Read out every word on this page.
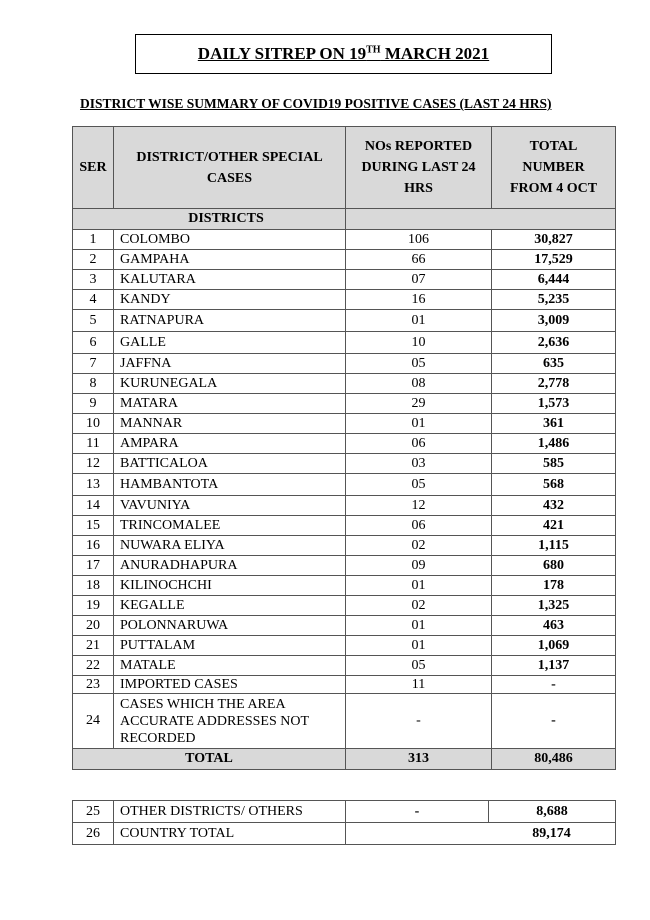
DAILY SITREP ON 19TH MARCH 2021
DISTRICT WISE SUMMARY OF COVID19 POSITIVE CASES (LAST 24 HRS)
SER	DISTRICT/OTHER SPECIAL CASES	NOs REPORTED DURING LAST 24 HRS	TOTAL NUMBER FROM 4 OCT
DISTRICTS			
1	COLOMBO	106	30,827
2	GAMPAHA	66	17,529
3	KALUTARA	07	6,444
4	KANDY	16	5,235
5	RATNAPURA	01	3,009
6	GALLE	10	2,636
7	JAFFNA	05	635
8	KURUNEGALA	08	2,778
9	MATARA	29	1,573
10	MANNAR	01	361
11	AMPARA	06	1,486
12	BATTICALOA	03	585
13	HAMBANTOTA	05	568
14	VAVUNIYA	12	432
15	TRINCOMALEE	06	421
16	NUWARA ELIYA	02	1,115
17	ANURADHAPURA	09	680
18	KILINOCHCHI	01	178
19	KEGALLE	02	1,325
20	POLONNARUWA	01	463
21	PUTTALAM	01	1,069
22	MATALE	05	1,137
23	IMPORTED CASES	11	-
24	CASES WHICH THE AREA ACCURATE ADDRESSES NOT RECORDED	-	-
TOTAL		313	80,486
25	OTHER DISTRICTS/ OTHERS	-	8,688
26	COUNTRY TOTAL	89,174	
